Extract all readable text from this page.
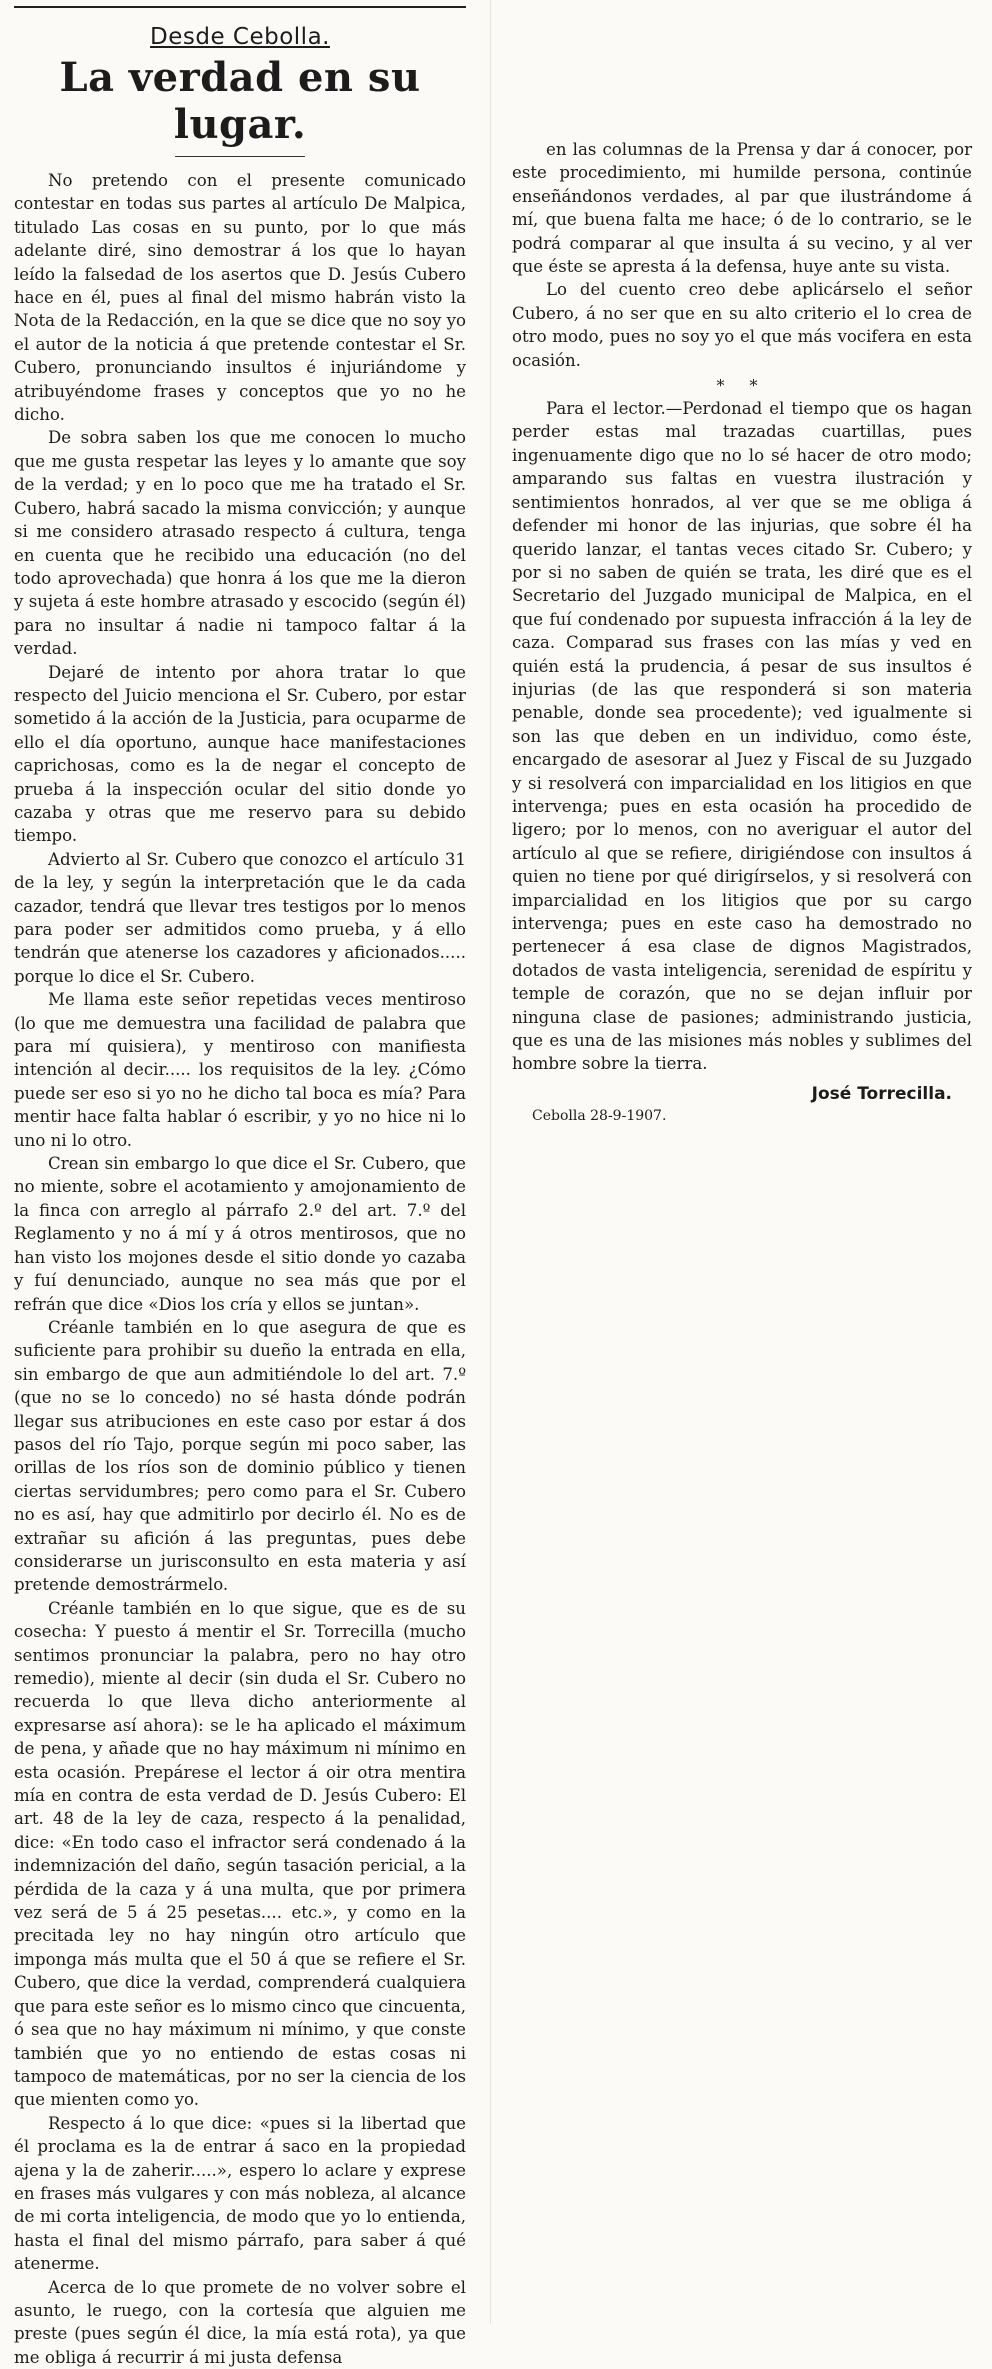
Desde Cebolla.
La verdad en su lugar.

No pretendo con el presente comunicado contestar en todas sus partes al artículo De Malpica, titulado Las cosas en su punto, por lo que más adelante diré, sino demostrar á los que lo hayan leído la falsedad de los asertos que D. Jesús Cubero hace en él, pues al final del mismo habrán visto la Nota de la Redacción, en la que se dice que no soy yo el autor de la noticia á que pretende contestar el Sr. Cubero, pronunciando insultos é injuriándome y atribuyéndome frases y conceptos que yo no he dicho.

De sobra saben los que me conocen lo mucho que me gusta respetar las leyes y lo amante que soy de la verdad; y en lo poco que me ha tratado el Sr. Cubero, habrá sacado la misma convicción; y aunque si me considero atrasado respecto á cultura, tenga en cuenta que he recibido una educación (no del todo aprovechada) que honra á los que me la dieron y sujeta á este hombre atrasado y escocido (según él) para no insultar á nadie ni tampoco faltar á la verdad.

Dejaré de intento por ahora tratar lo que respecto del Juicio menciona el Sr. Cubero, por estar sometido á la acción de la Justicia, para ocuparme de ello el día oportuno, aunque hace manifestaciones caprichosas, como es la de negar el concepto de prueba á la inspección ocular del sitio donde yo cazaba y otras que me reservo para su debido tiempo.

Advierto al Sr. Cubero que conozco el artículo 31 de la ley, y según la interpretación que le da cada cazador, tendrá que llevar tres testigos por lo menos para poder ser admitidos como prueba, y á ello tendrán que atenerse los cazadores y aficionados..... porque lo dice el Sr. Cubero.

Me llama este señor repetidas veces mentiroso (lo que me demuestra una facilidad de palabra que para mí quisiera), y mentiroso con manifiesta intención al decir..... los requisitos de la ley. ¿Cómo puede ser eso si yo no he dicho tal boca es mía? Para mentir hace falta hablar ó escribir, y yo no hice ni lo uno ni lo otro.

Crean sin embargo lo que dice el Sr. Cubero, que no miente, sobre el acotamiento y amojonamiento de la finca con arreglo al párrafo 2.º del art. 7.º del Reglamento y no á mí y á otros mentirosos, que no han visto los mojones desde el sitio donde yo cazaba y fuí denunciado, aunque no sea más que por el refrán que dice «Dios los cría y ellos se juntan».

Créanle también en lo que asegura de que es suficiente para prohibir su dueño la entrada en ella, sin embargo de que aun admitiéndole lo del art. 7.º (que no se lo concedo) no sé hasta dónde podrán llegar sus atribuciones en este caso por estar á dos pasos del río Tajo, porque según mi poco saber, las orillas de los ríos son de dominio público y tienen ciertas servidumbres; pero como para el Sr. Cubero no es así, hay que admitirlo por decirlo él. No es de extrañar su afición á las preguntas, pues debe considerarse un jurisconsulto en esta materia y así pretende demostrármelo.

Créanle también en lo que sigue, que es de su cosecha: Y puesto á mentir el Sr. Torrecilla (mucho sentimos pronunciar la palabra, pero no hay otro remedio), miente al decir (sin duda el Sr. Cubero no recuerda lo que lleva dicho anteriormente al expresarse así ahora): se le ha aplicado el máximum de pena, y añade que no hay máximum ni mínimo en esta ocasión. Prepárese el lector á oir otra mentira mía en contra de esta verdad de D. Jesús Cubero: El art. 48 de la ley de caza, respecto á la penalidad, dice: «En todo caso el infractor será condenado á la indemnización del daño, según tasación pericial, a la pérdida de la caza y á una multa, que por primera vez será de 5 á 25 pesetas.... etc.», y como en la precitada ley no hay ningún otro artículo que imponga más multa que el 50 á que se refiere el Sr. Cubero, que dice la verdad, comprenderá cualquiera que para este señor es lo mismo cinco que cincuenta, ó sea que no hay máximum ni mínimo, y que conste también que yo no entiendo de estas cosas ni tampoco de matemáticas, por no ser la ciencia de los que mienten como yo.

Respecto á lo que dice: «pues si la libertad que él proclama es la de entrar á saco en la propiedad ajena y la de zaherir.....», espero lo aclare y exprese en frases más vulgares y con más nobleza, al alcance de mi corta inteligencia, de modo que yo lo entienda, hasta el final del mismo párrafo, para saber á qué atenerme.

Acerca de lo que promete de no volver sobre el asunto, le ruego, con la cortesía que alguien me preste (pues según él dice, la mía está rota), ya que me obliga á recurrir á mi justa defensa

en las columnas de la Prensa y dar á conocer, por este procedimiento, mi humilde persona, continúe enseñándonos verdades, al par que ilustrándome á mí, que buena falta me hace; ó de lo contrario, se le podrá comparar al que insulta á su vecino, y al ver que éste se apresta á la defensa, huye ante su vista.

Lo del cuento creo debe aplicárselo el señor Cubero, á no ser que en su alto criterio el lo crea de otro modo, pues no soy yo el que más vocifera en esta ocasión.

* *

Para el lector.—Perdonad el tiempo que os hagan perder estas mal trazadas cuartillas, pues ingenuamente digo que no lo sé hacer de otro modo; amparando sus faltas en vuestra ilustración y sentimientos honrados, al ver que se me obliga á defender mi honor de las injurias, que sobre él ha querido lanzar, el tantas veces citado Sr. Cubero; y por si no saben de quién se trata, les diré que es el Secretario del Juzgado municipal de Malpica, en el que fuí condenado por supuesta infracción á la ley de caza. Comparad sus frases con las mías y ved en quién está la prudencia, á pesar de sus insultos é injurias (de las que responderá si son materia penable, donde sea procedente); ved igualmente si son las que deben en un individuo, como éste, encargado de asesorar al Juez y Fiscal de su Juzgado y si resolverá con imparcialidad en los litigios en que intervenga; pues en esta ocasión ha procedido de ligero; por lo menos, con no averiguar el autor del artículo al que se refiere, dirigiéndose con insultos á quien no tiene por qué dirigírselos, y si resolverá con imparcialidad en los litigios que por su cargo intervenga; pues en este caso ha demostrado no pertenecer á esa clase de dignos Magistrados, dotados de vasta inteligencia, serenidad de espíritu y temple de corazón, que no se dejan influir por ninguna clase de pasiones; administrando justicia, que es una de las misiones más nobles y sublimes del hombre sobre la tierra.

José Torrecilla.
Cebolla 28-9-1907.
